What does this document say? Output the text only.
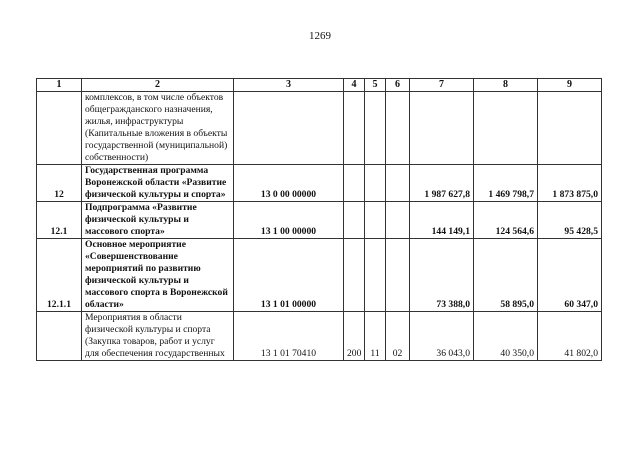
1269
1	2	3	4	5	6	7	8	9
	комплексов, в том числе объектов общегражданского назначения, жилья, инфраструктуры (Капитальные вложения в объекты государственной (муниципальной) собственности)							
12	Государственная программа Воронежской области «Развитие физической культуры и спорта»	13 0 00 00000				1 987 627,8	1 469 798,7	1 873 875,0
12.1	Подпрограмма «Развитие физической культуры и массового спорта»	13 1 00 00000				144 149,1	124 564,6	95 428,5
12.1.1	Основное мероприятие «Совершенствование мероприятий по развитию физической культуры и массового спорта в Воронежской области»	13 1 01 00000				73 388,0	58 895,0	60 347,0
	Мероприятия в области физической культуры и спорта (Закупка товаров, работ и услуг для обеспечения государственных	13 1 01 70410	200	11	02	36 043,0	40 350,0	41 802,0
